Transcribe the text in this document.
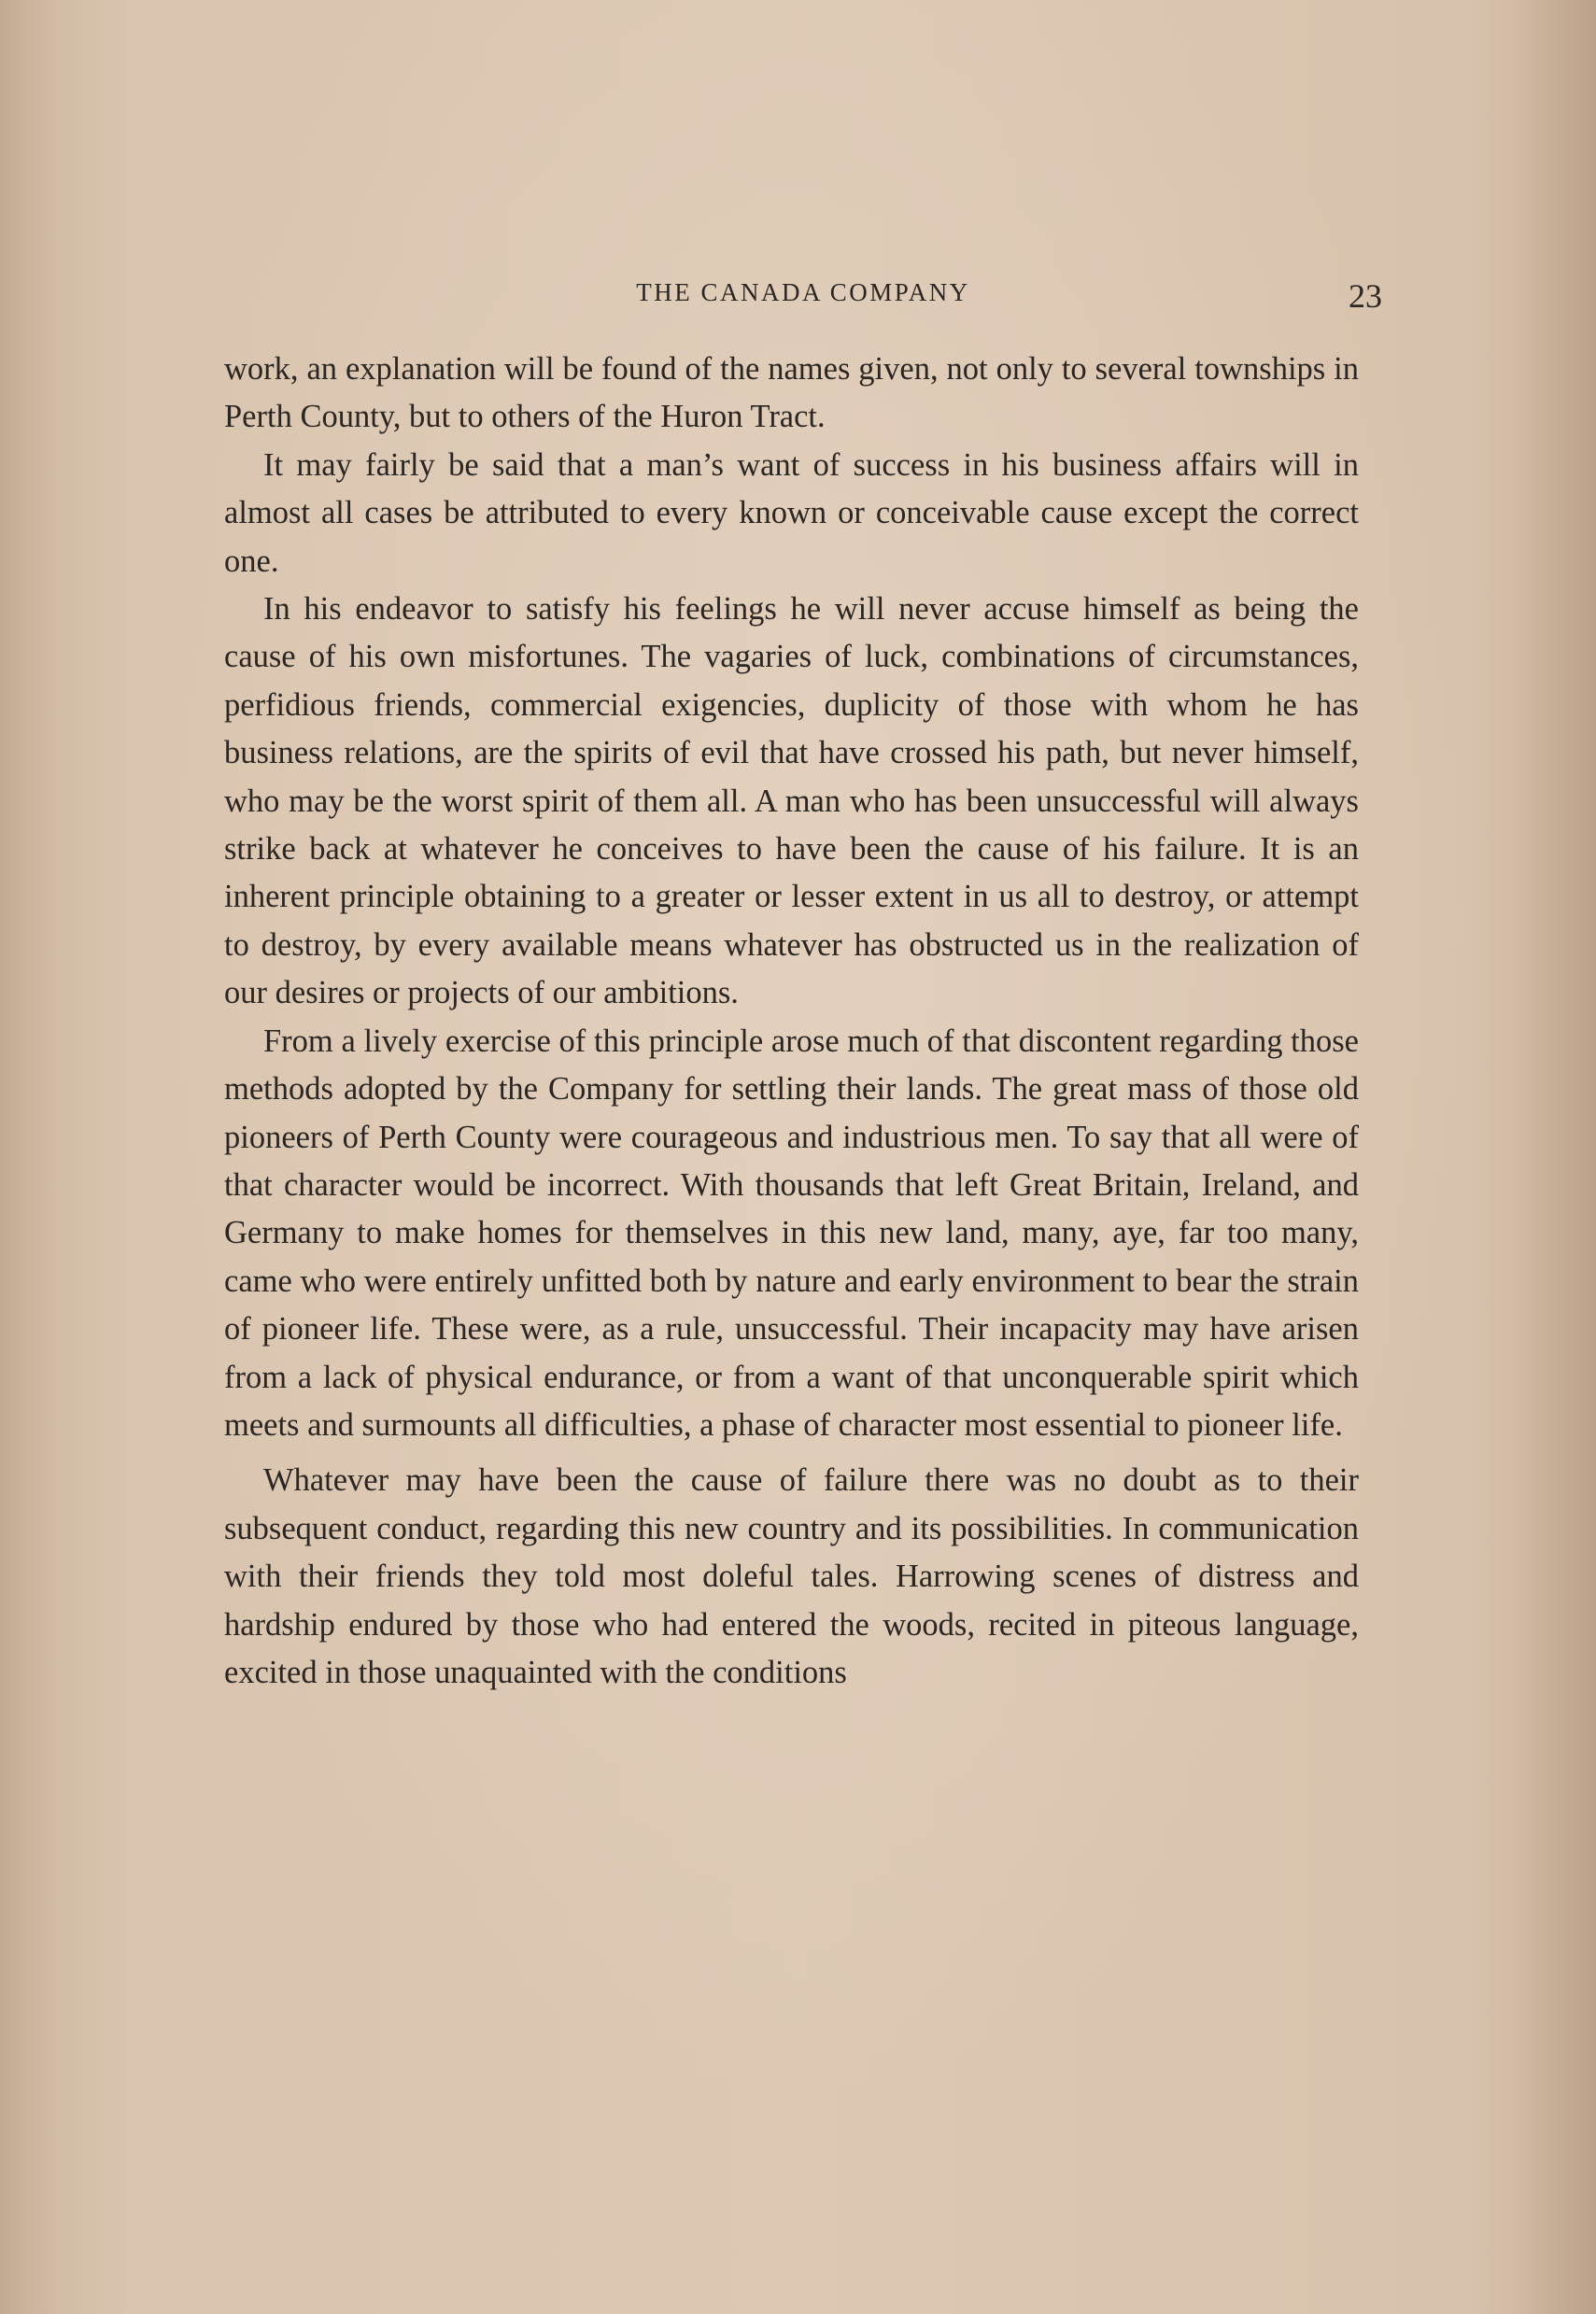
THE CANADA COMPANY	23

work, an explanation will be found of the names given, not only to several townships in Perth County, but to others of the Huron Tract.

It may fairly be said that a man’s want of success in his business affairs will in almost all cases be attributed to every known or conceivable cause except the correct one.

In his endeavor to satisfy his feelings he will never accuse himself as being the cause of his own misfortunes. The vagaries of luck, combinations of circumstances, perfidious friends, commercial exigencies, duplicity of those with whom he has business relations, are the spirits of evil that have crossed his path, but never himself, who may be the worst spirit of them all. A man who has been unsuccessful will always strike back at whatever he conceives to have been the cause of his failure. It is an inherent principle obtaining to a greater or lesser extent in us all to destroy, or attempt to destroy, by every available means whatever has obstructed us in the realization of our desires or projects of our ambitions.

From a lively exercise of this principle arose much of that discontent regarding those methods adopted by the Company for settling their lands. The great mass of those old pioneers of Perth County were courageous and industrious men. To say that all were of that character would be incorrect. With thousands that left Great Britain, Ireland, and Germany to make homes for themselves in this new land, many, aye, far too many, came who were entirely unfitted both by nature and early environment to bear the strain of pioneer life. These were, as a rule, unsuccessful. Their incapacity may have arisen from a lack of physical endurance, or from a want of that unconquerable spirit which meets and surmounts all difficulties, a phase of character most essential to pioneer life.

Whatever may have been the cause of failure there was no doubt as to their subsequent conduct, regarding this new country and its possibilities. In communication with their friends they told most doleful tales. Harrowing scenes of distress and hardship endured by those who had entered the woods, recited in piteous language, excited in those unaquainted with the conditions
